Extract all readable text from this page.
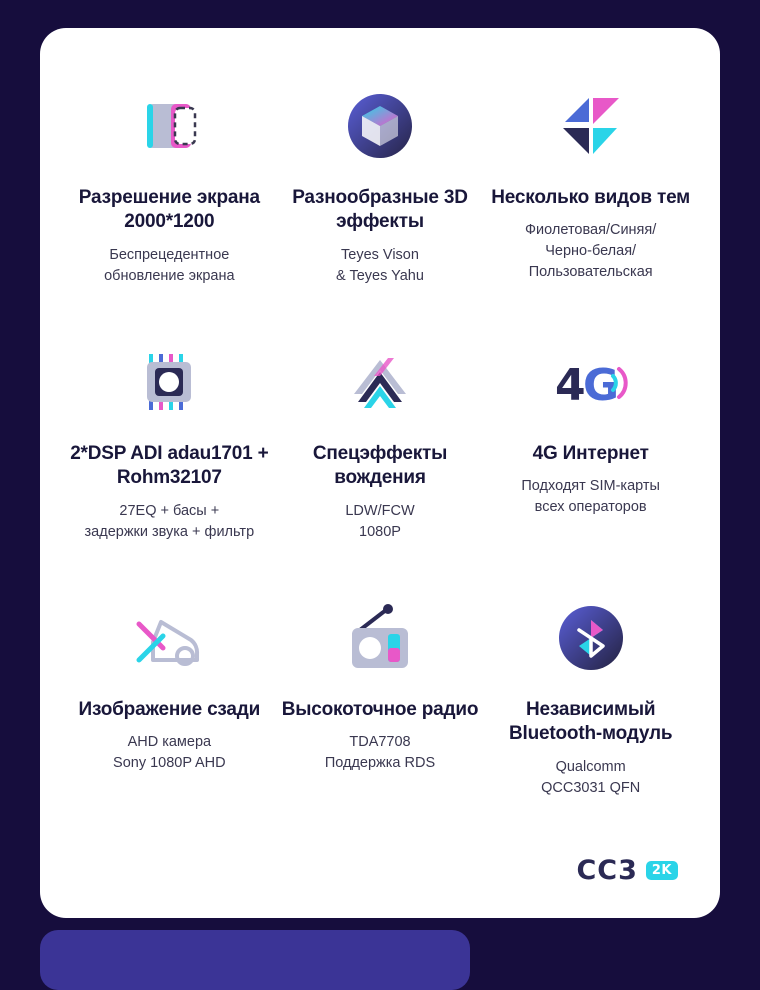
Разрешение экрана 2000*1200
Беспрецедентное
обновление экрана
Разнообразные 3D эффекты
Teyes Vison
& Teyes Yahu
Несколько видов тем
Фиолетовая/Синяя/
Черно-белая/
Пользовательская
2*DSP ADI adau1701 + Rohm32107
27EQ + басы +
задержки звука + фильтр
Спецэффекты вождения
LDW/FCW
1080P
4
G
4G Интернет
Подходят SIM-карты
всех операторов
Изображение сзади
AHD камера
Sony 1080P AHD
Высокоточное радио
TDA7708
Поддержка RDS
Независимый Bluetooth-модуль
Qualcomm
QCC3031 QFN
CC3	2K
